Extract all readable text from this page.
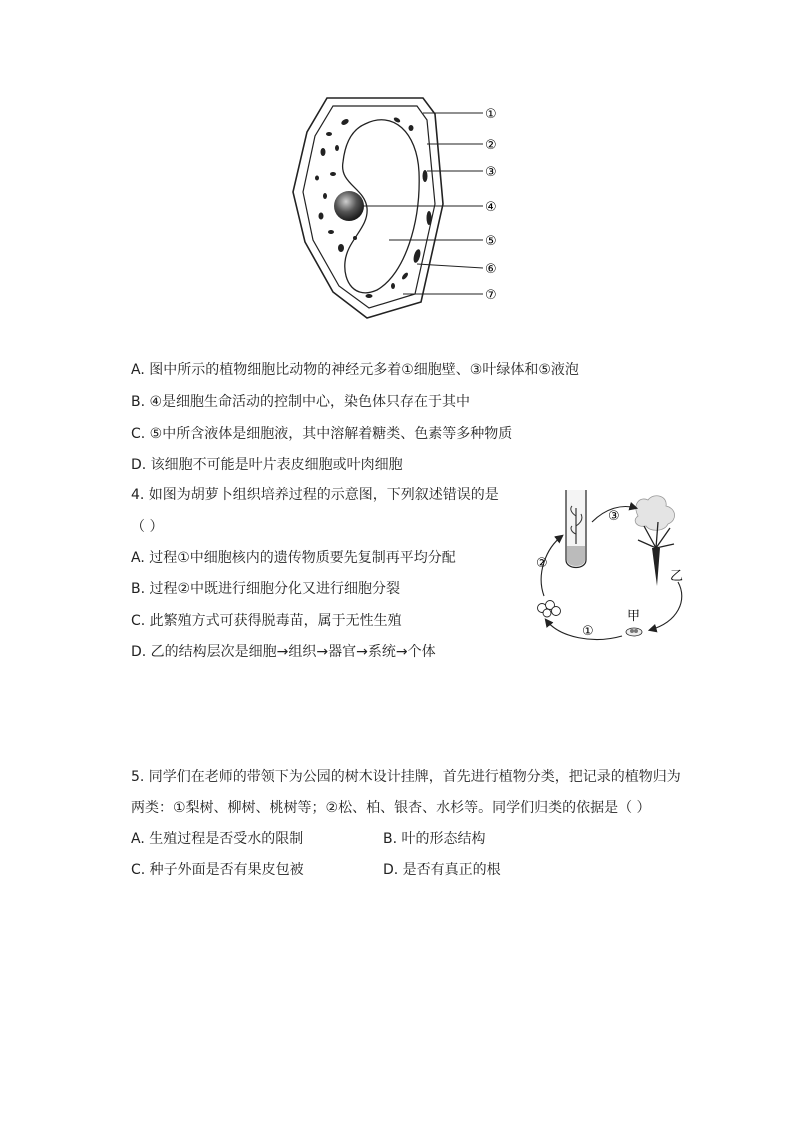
①
②
③
④
⑤
⑥
⑦
A. 图中所示的植物细胞比动物的神经元多着①细胞壁、③叶绿体和⑤液泡
B. ④是细胞生命活动的控制中心，染色体只存在于其中
C. ⑤中所含液体是细胞液，其中溶解着糖类、色素等多种物质
D. 该细胞不可能是叶片表皮细胞或叶肉细胞
4. 如图为胡萝卜组织培养过程的示意图，下列叙述错误的是
（ ）
A. 过程①中细胞核内的遗传物质要先复制再平均分配
B. 过程②中既进行细胞分化又进行细胞分裂
C. 此繁殖方式可获得脱毒苗，属于无性生殖
D. 乙的结构层次是细胞→组织→器官→系统→个体
乙
甲
①
②
③
5. 同学们在老师的带领下为公园的树木设计挂牌，首先进行植物分类，把记录的植物归为
两类：①梨树、柳树、桃树等；②松、柏、银杏、水杉等。同学们归类的依据是（ ）
A. 生殖过程是否受水的限制	B. 叶的形态结构
C. 种子外面是否有果皮包被	D. 是否有真正的根
